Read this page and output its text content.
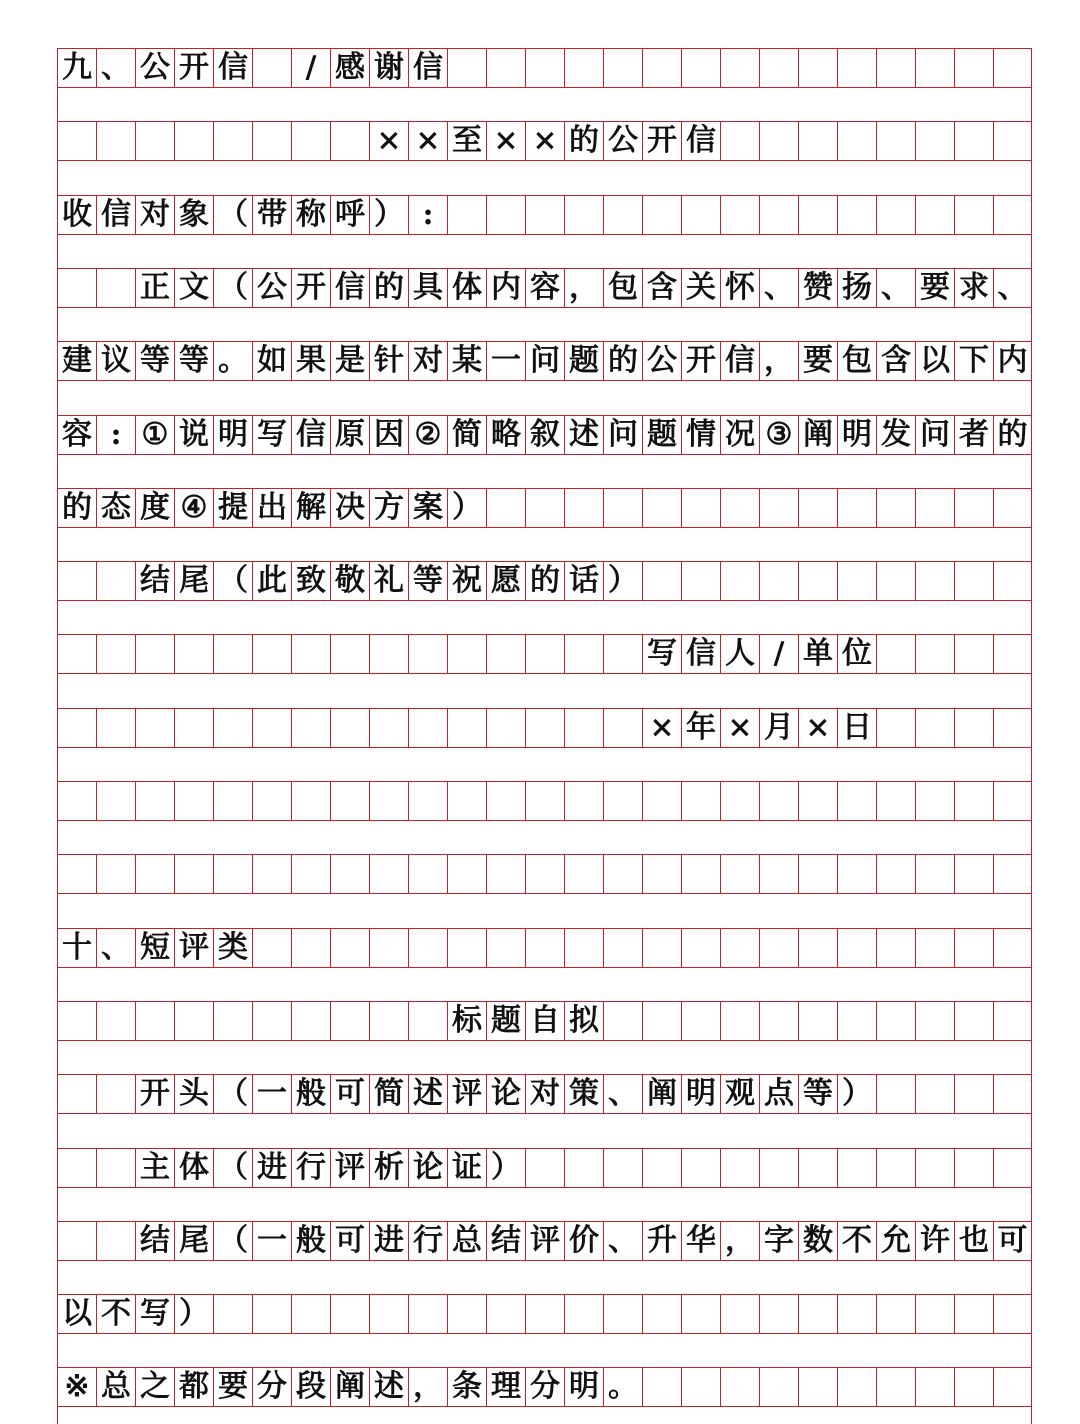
九 、 公 开 信	/ 感 谢 信
× × 至 × × 的 公 开 信
收 信 对 象 （ 带 称 呼 ） :
正 文 （ 公 开 信 的 具 体 内 容 ， 包 含 关 怀 、 赞 扬 、 要 求 、
建 议 等 等 。 如 果 是 针 对 某 一 问 题 的 公 开 信 ， 要 包 含 以 下 内
容 : ① 说 明 写 信 原 因 ② 简 略 叙 述 问 题 情 况 ③ 阐 明 发 问 者 的
的 态 度 ④ 提 出 解 决 方 案 ）
结 尾 （ 此 致 敬 礼 等 祝 愿 的 话 ）
写 信 人 / 单 位
× 年 × 月 × 日
十 、 短 评 类
标 题 自 拟
开 头 （ 一 般 可 简 述 评 论 对 策 、 阐 明 观 点 等 ）
主 体 （ 进 行 评 析 论 证 ）
结 尾 （ 一 般 可 进 行 总 结 评 价 、 升 华 ， 字 数 不 允 许 也 可
以 不 写 ）
※ 总 之 都 要 分 段 阐 述 ， 条 理 分 明 。
